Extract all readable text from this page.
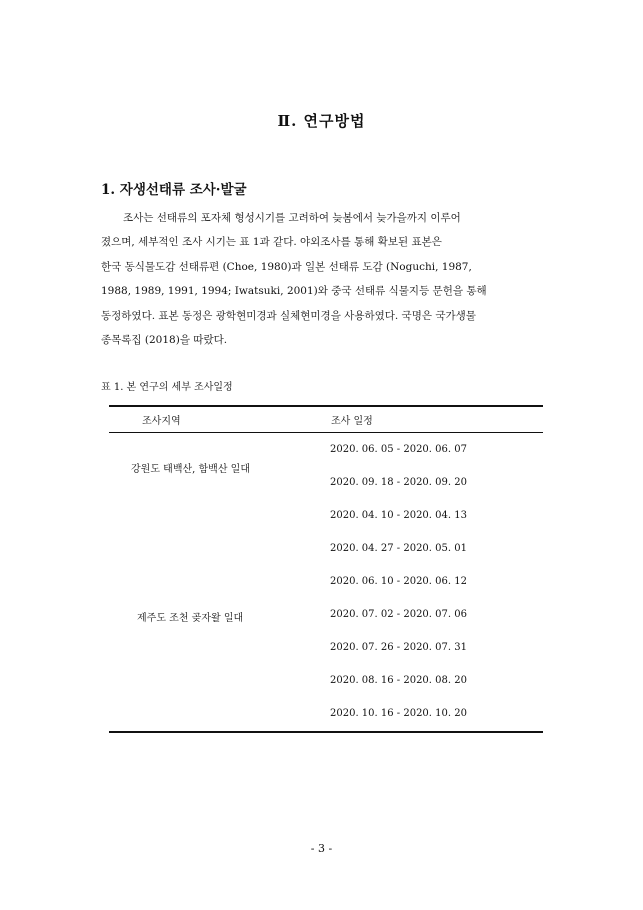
Ⅱ. 연구방법
1. 자생선태류 조사·발굴
조사는 선태류의 포자체 형성시기를 고려하여 늦봄에서 늦가을까지 이루어
졌으며, 세부적인 조사 시기는 표 1과 같다. 야외조사를 통해 확보된 표본은
한국 동식물도감 선태류편 (Choe, 1980)과 일본 선태류 도감 (Noguchi, 1987,
1988, 1989, 1991, 1994; Iwatsuki, 2001)와 중국 선태류 식물지등 문헌을 통해
동정하였다. 표본 동정은 광학현미경과 실체현미경을 사용하였다. 국명은 국가생물
종목록집 (2018)을 따랐다.
표 1. 본 연구의 세부 조사일정
조사지역	조사 일정
강원도 태백산, 함백산 일대
2020. 06. 05 - 2020. 06. 07
2020. 09. 18 - 2020. 09. 20
제주도 조천 곶자왈 일대
2020. 04. 10 - 2020. 04. 13
2020. 04. 27 - 2020. 05. 01
2020. 06. 10 - 2020. 06. 12
2020. 07. 02 - 2020. 07. 06
2020. 07. 26 - 2020. 07. 31
2020. 08. 16 - 2020. 08. 20
2020. 10. 16 - 2020. 10. 20
- 3 -
